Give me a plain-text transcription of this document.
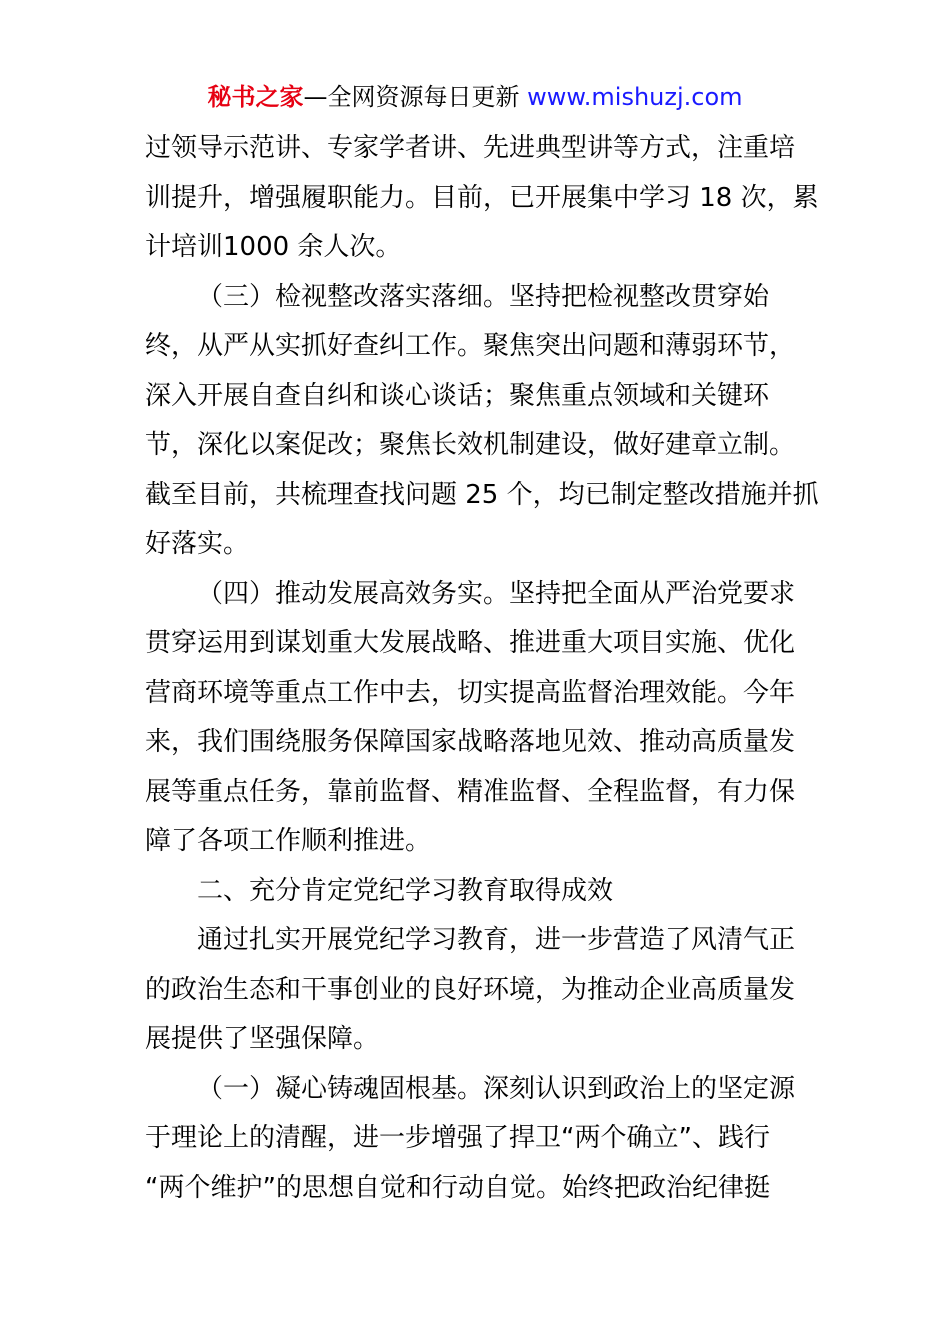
秘书之家—全网资源每日更新 www.mishuzj.com
过领导示范讲、专家学者讲、先进典型讲等方式，注重培
训提升，增强履职能力。目前，已开展集中学习 18 次，累
计培训1000 余人次。
（三）检视整改落实落细。坚持把检视整改贯穿始
终，从严从实抓好查纠工作。聚焦突出问题和薄弱环节，
深入开展自查自纠和谈心谈话；聚焦重点领域和关键环
节，深化以案促改；聚焦长效机制建设，做好建章立制。
截至目前，共梳理查找问题 25 个，均已制定整改措施并抓
好落实。
（四）推动发展高效务实。坚持把全面从严治党要求
贯穿运用到谋划重大发展战略、推进重大项目实施、优化
营商环境等重点工作中去，切实提高监督治理效能。今年
来，我们围绕服务保障国家战略落地见效、推动高质量发
展等重点任务，靠前监督、精准监督、全程监督，有力保
障了各项工作顺利推进。
二、充分肯定党纪学习教育取得成效
通过扎实开展党纪学习教育，进一步营造了风清气正
的政治生态和干事创业的良好环境，为推动企业高质量发
展提供了坚强保障。
（一）凝心铸魂固根基。深刻认识到政治上的坚定源
于理论上的清醒，进一步增强了捍卫“两个确立”、践行
“两个维护”的思想自觉和行动自觉。始终把政治纪律挺
